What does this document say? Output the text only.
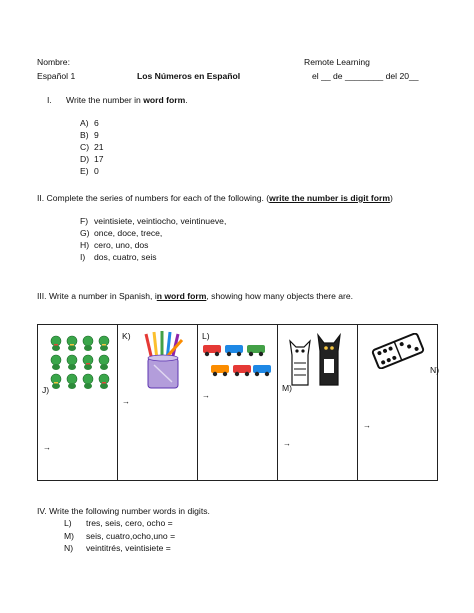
Nombre:	Remote Learning
Español 1	Los Números en Español	el __ de ________ del 20__
I. Write the number in word form.
A) 6
B) 9
C) 21
D) 17
E) 0
II. Complete the series of numbers for each of the following. (write the number is digit form)
F) veintisiete, veintiocho, veintinueve,
G) once, doce, trece,
H) cero, uno, dos
I) dos, cuatro, seis
III. Write a number in Spanish, in word form, showing how many objects there are.
J)
→

K)
→

L)
→

M)
→

N)
→
IV. Write the following number words in digits.
L) tres, seis, cero, ocho =
M) seis, cuatro,ocho,uno =
N) veintitrés, veintisiete =
